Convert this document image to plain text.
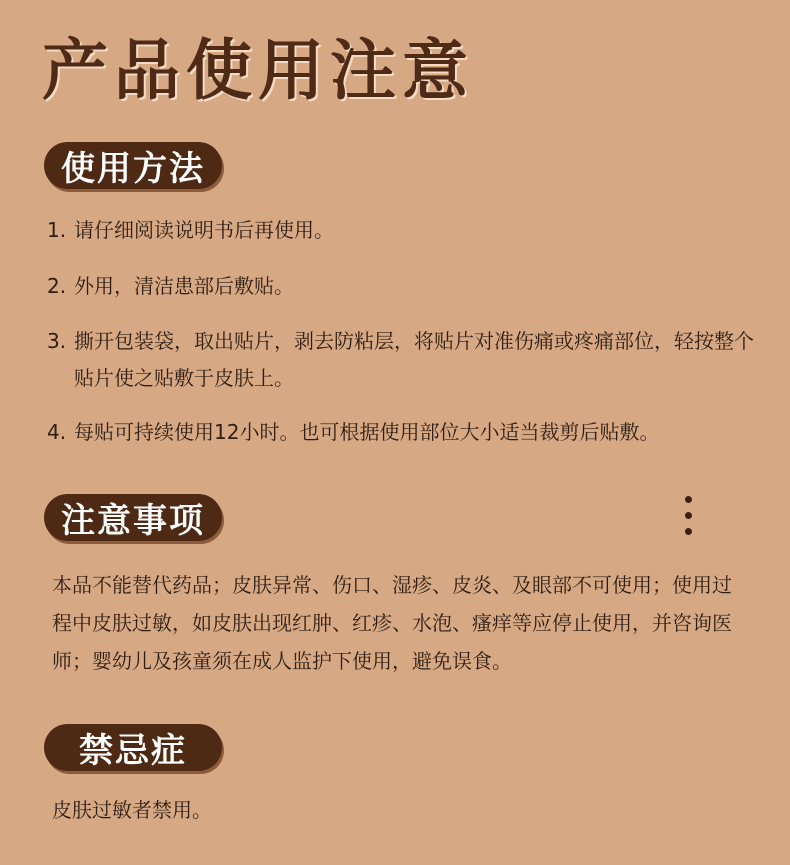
产品使用注意
使用方法
1. 请仔细阅读说明书后再使用。
2. 外用，清洁患部后敷贴。
3. 撕开包装袋，取出贴片，剥去防粘层，将贴片对准伤痛或疼痛部位，轻按整个贴片使之贴敷于皮肤上。
4. 每贴可持续使用12小时。也可根据使用部位大小适当裁剪后贴敷。
注意事项
本品不能替代药品；皮肤异常、伤口、湿疹、皮炎、及眼部不可使用；使用过程中皮肤过敏，如皮肤出现红肿、红疹、水泡、瘙痒等应停止使用，并咨询医师；婴幼儿及孩童须在成人监护下使用，避免误食。
禁忌症
皮肤过敏者禁用。
